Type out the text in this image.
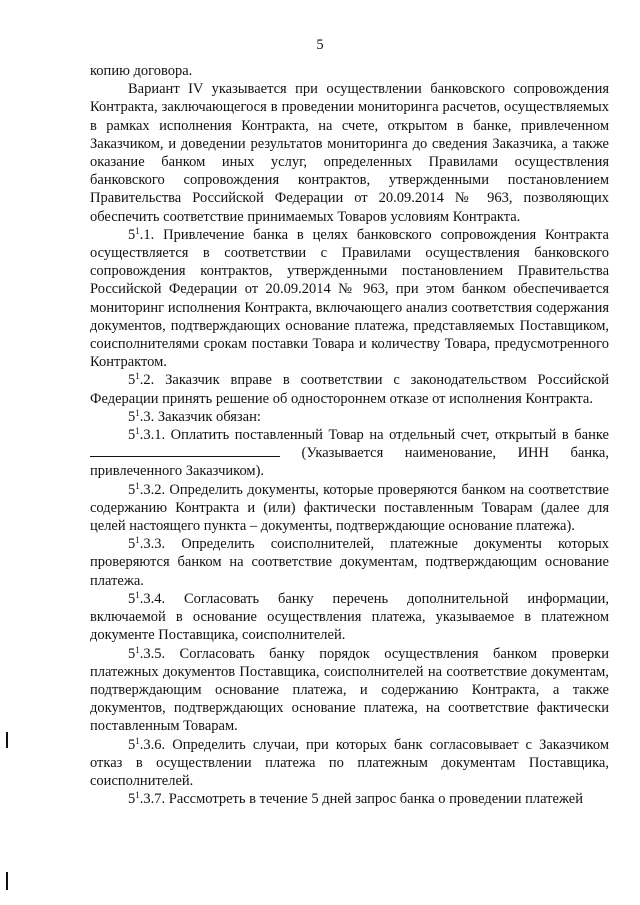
5

копию договора.

Вариант IV указывается при осуществлении банковского сопровождения Контракта, заключающегося в проведении мониторинга расчетов, осуществляемых в рамках исполнения Контракта, на счете, открытом в банке, привлеченном Заказчиком, и доведении результатов мониторинга до сведения Заказчика, а также оказание банком иных услуг, определенных Правилами осуществления банковского сопровождения контрактов, утвержденными постановлением Правительства Российской Федерации от 20.09.2014 № 963, позволяющих обеспечить соответствие принимаемых Товаров условиям Контракта.

$5^1.1$. Привлечение банка в целях банковского сопровождения Контракта осуществляется в соответствии с Правилами осуществления банковского сопровождения контрактов, утвержденными постановлением Правительства Российской Федерации от 20.09.2014 № 963, при этом банком обеспечивается мониторинг исполнения Контракта, включающего анализ соответствия содержания документов, подтверждающих основание платежа, представляемых Поставщиком, соисполнителями срокам поставки Товара и количеству Товара, предусмотренного Контрактом.

$5^1.2$. Заказчик вправе в соответствии с законодательством Российской Федерации принять решение об одностороннем отказе от исполнения Контракта.

$5^1.3$. Заказчик обязан:

$5^1.3.1$. Оплатить поставленный Товар на отдельный счет, открытый в банке  (Указывается наименование, ИНН банка, привлеченного Заказчиком).

$5^1.3.2$. Определить документы, которые проверяются банком на соответствие содержанию Контракта и (или) фактически поставленным Товарам (далее для целей настоящего пункта – документы, подтверждающие основание платежа).

$5^1.3.3$. Определить соисполнителей, платежные документы которых проверяются банком на соответствие документам, подтверждающим основание платежа.

$5^1.3.4$. Согласовать банку перечень дополнительной информации, включаемой в основание осуществления платежа, указываемое в платежном документе Поставщика, соисполнителей.

$5^1.3.5$. Согласовать банку порядок осуществления банком проверки платежных документов Поставщика, соисполнителей на соответствие документам, подтверждающим основание платежа, и содержанию Контракта, а также документов, подтверждающих основание платежа, на соответствие фактически поставленным Товарам.

$5^1.3.6$. Определить случаи, при которых банк согласовывает с Заказчиком отказ в осуществлении платежа по платежным документам Поставщика, соисполнителей.

$5^1.3.7$. Рассмотреть в течение 5 дней запрос банка о проведении платежей
